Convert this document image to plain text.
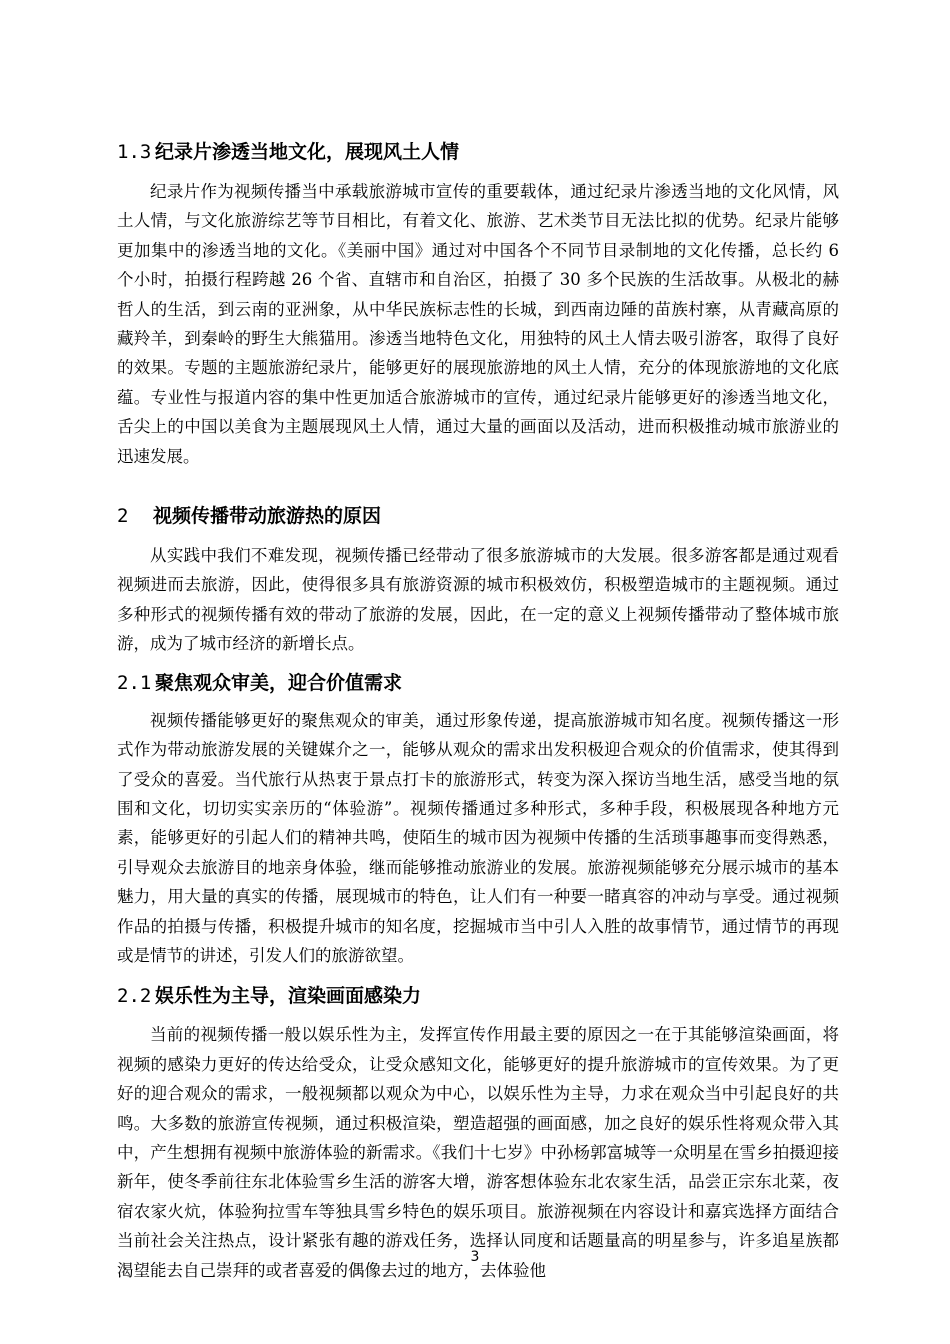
1.3 纪录片渗透当地文化，展现风土人情

纪录片作为视频传播当中承载旅游城市宣传的重要载体，通过纪录片渗透当地的文化风情，风土人情，与文化旅游综艺等节目相比，有着文化、旅游、艺术类节目无法比拟的优势。纪录片能够更加集中的渗透当地的文化。《美丽中国》通过对中国各个不同节目录制地的文化传播，总长约 6 个小时，拍摄行程跨越 26 个省、直辖市和自治区，拍摄了 30 多个民族的生活故事。从极北的赫哲人的生活，到云南的亚洲象，从中华民族标志性的长城，到西南边陲的苗族村寨，从青藏高原的藏羚羊，到秦岭的野生大熊猫用。渗透当地特色文化，用独特的风土人情去吸引游客，取得了良好的效果。专题的主题旅游纪录片，能够更好的展现旅游地的风土人情，充分的体现旅游地的文化底蕴。专业性与报道内容的集中性更加适合旅游城市的宣传，通过纪录片能够更好的渗透当地文化，舌尖上的中国以美食为主题展现风土人情，通过大量的画面以及活动，进而积极推动城市旅游业的迅速发展。

2 视频传播带动旅游热的原因

从实践中我们不难发现，视频传播已经带动了很多旅游城市的大发展。很多游客都是通过观看视频进而去旅游，因此，使得很多具有旅游资源的城市积极效仿，积极塑造城市的主题视频。通过多种形式的视频传播有效的带动了旅游的发展，因此，在一定的意义上视频传播带动了整体城市旅游，成为了城市经济的新增长点。

2.1 聚焦观众审美，迎合价值需求

视频传播能够更好的聚焦观众的审美，通过形象传递，提高旅游城市知名度。视频传播这一形式作为带动旅游发展的关键媒介之一，能够从观众的需求出发积极迎合观众的价值需求，使其得到了受众的喜爱。当代旅行从热衷于景点打卡的旅游形式，转变为深入探访当地生活，感受当地的氛围和文化，切切实实亲历的“体验游”。视频传播通过多种形式，多种手段，积极展现各种地方元素，能够更好的引起人们的精神共鸣，使陌生的城市因为视频中传播的生活琐事趣事而变得熟悉，引导观众去旅游目的地亲身体验，继而能够推动旅游业的发展。旅游视频能够充分展示城市的基本魅力，用大量的真实的传播，展现城市的特色，让人们有一种要一睹真容的冲动与享受。通过视频作品的拍摄与传播，积极提升城市的知名度，挖掘城市当中引人入胜的故事情节，通过情节的再现或是情节的讲述，引发人们的旅游欲望。

2.2 娱乐性为主导，渲染画面感染力

当前的视频传播一般以娱乐性为主，发挥宣传作用最主要的原因之一在于其能够渲染画面，将视频的感染力更好的传达给受众，让受众感知文化，能够更好的提升旅游城市的宣传效果。为了更好的迎合观众的需求，一般视频都以观众为中心，以娱乐性为主导，力求在观众当中引起良好的共鸣。大多数的旅游宣传视频，通过积极渲染，塑造超强的画面感，加之良好的娱乐性将观众带入其中，产生想拥有视频中旅游体验的新需求。《我们十七岁》中孙杨郭富城等一众明星在雪乡拍摄迎接新年，使冬季前往东北体验雪乡生活的游客大增，游客想体验东北农家生活，品尝正宗东北菜，夜宿农家火炕，体验狗拉雪车等独具雪乡特色的娱乐项目。旅游视频在内容设计和嘉宾选择方面结合当前社会关注热点，设计紧张有趣的游戏任务，选择认同度和话题量高的明星参与，许多追星族都渴望能去自己崇拜的或者喜爱的偶像去过的地方，去体验他

3
